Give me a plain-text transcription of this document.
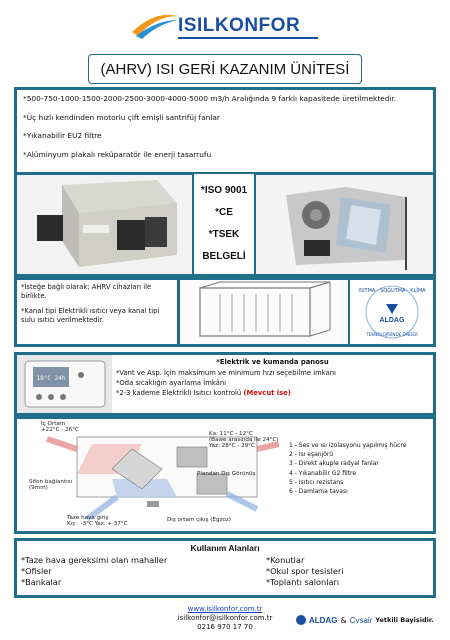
ISILKONFOR
(AHRV) ISI GERİ KAZANIM ÜNİTESİ
*500-750-1000-1500-2000-2500-3000-4000-5000 m3/h Aralığında 9 farklı kapasitede üretilmektedir.
*Üç hızlı kendinden motorlu çift emişli santrifüj fanlar
*Yıkanabilir EU2 filtre
*Alüminyum plakalı reküparatör ile enerji tasarrufu
*ISO 9001
*CE
*TSEK
BELGELİ

*İsteğe bağlı olarak; AHRV cihazları ile birlikte.

*Kanal tipi Elektrikli ısıtıcı veya kanal tipi sulu ısıtıcı verilmektedir.

ISITMA · SOĞUTMA · KLİMA
ALDAG
TEKNOLOJİSİNDE ÖNDER
18°C 24h
*Elektrik ve kumanda panosu
*Vant ve Asp. İçin maksimum ve minimum hızı seçebilme imkanı
*Oda sıcaklığın ayarlama İmkânı
*2-3 kademe Elektrikli Isıtıcı kontrolü (Mevcut ise)
İç Ortam
+22°C - 26°C
Ka: 11°C - 12°C
(Bawe arasında ile 24°C)
Yaz: 28°C - 29°C
Plandan Dış Görünüş
Sifon bağlantısı
(9mm)
Taze hava giriş
Kış : -3°C Yaz: + 37°C
Dış ortam çıkış (Egzoz)
1 - Ses ve ısı izolasyonu yapılmış hücre
2 - Isı eşanjörü
3 - Direkt akuple radyal fanlar
4 - Yıkanabilir G2 filtre
5 - Isıtıcı rezistans
6 - Damlama tavası
Kullanım Alanları
*Taze hava gereksimi olan mahaller
*Ofisler
*Bankalar
*Konutlar
*Okul spor tesisleri
*Toplantı salonları
www.isilkonfor.com.tr
isilkonfor@isilkonfor.com.tr
0216 970 17 70
ALDAG & Cvsair Yetkili Bayisidir.
